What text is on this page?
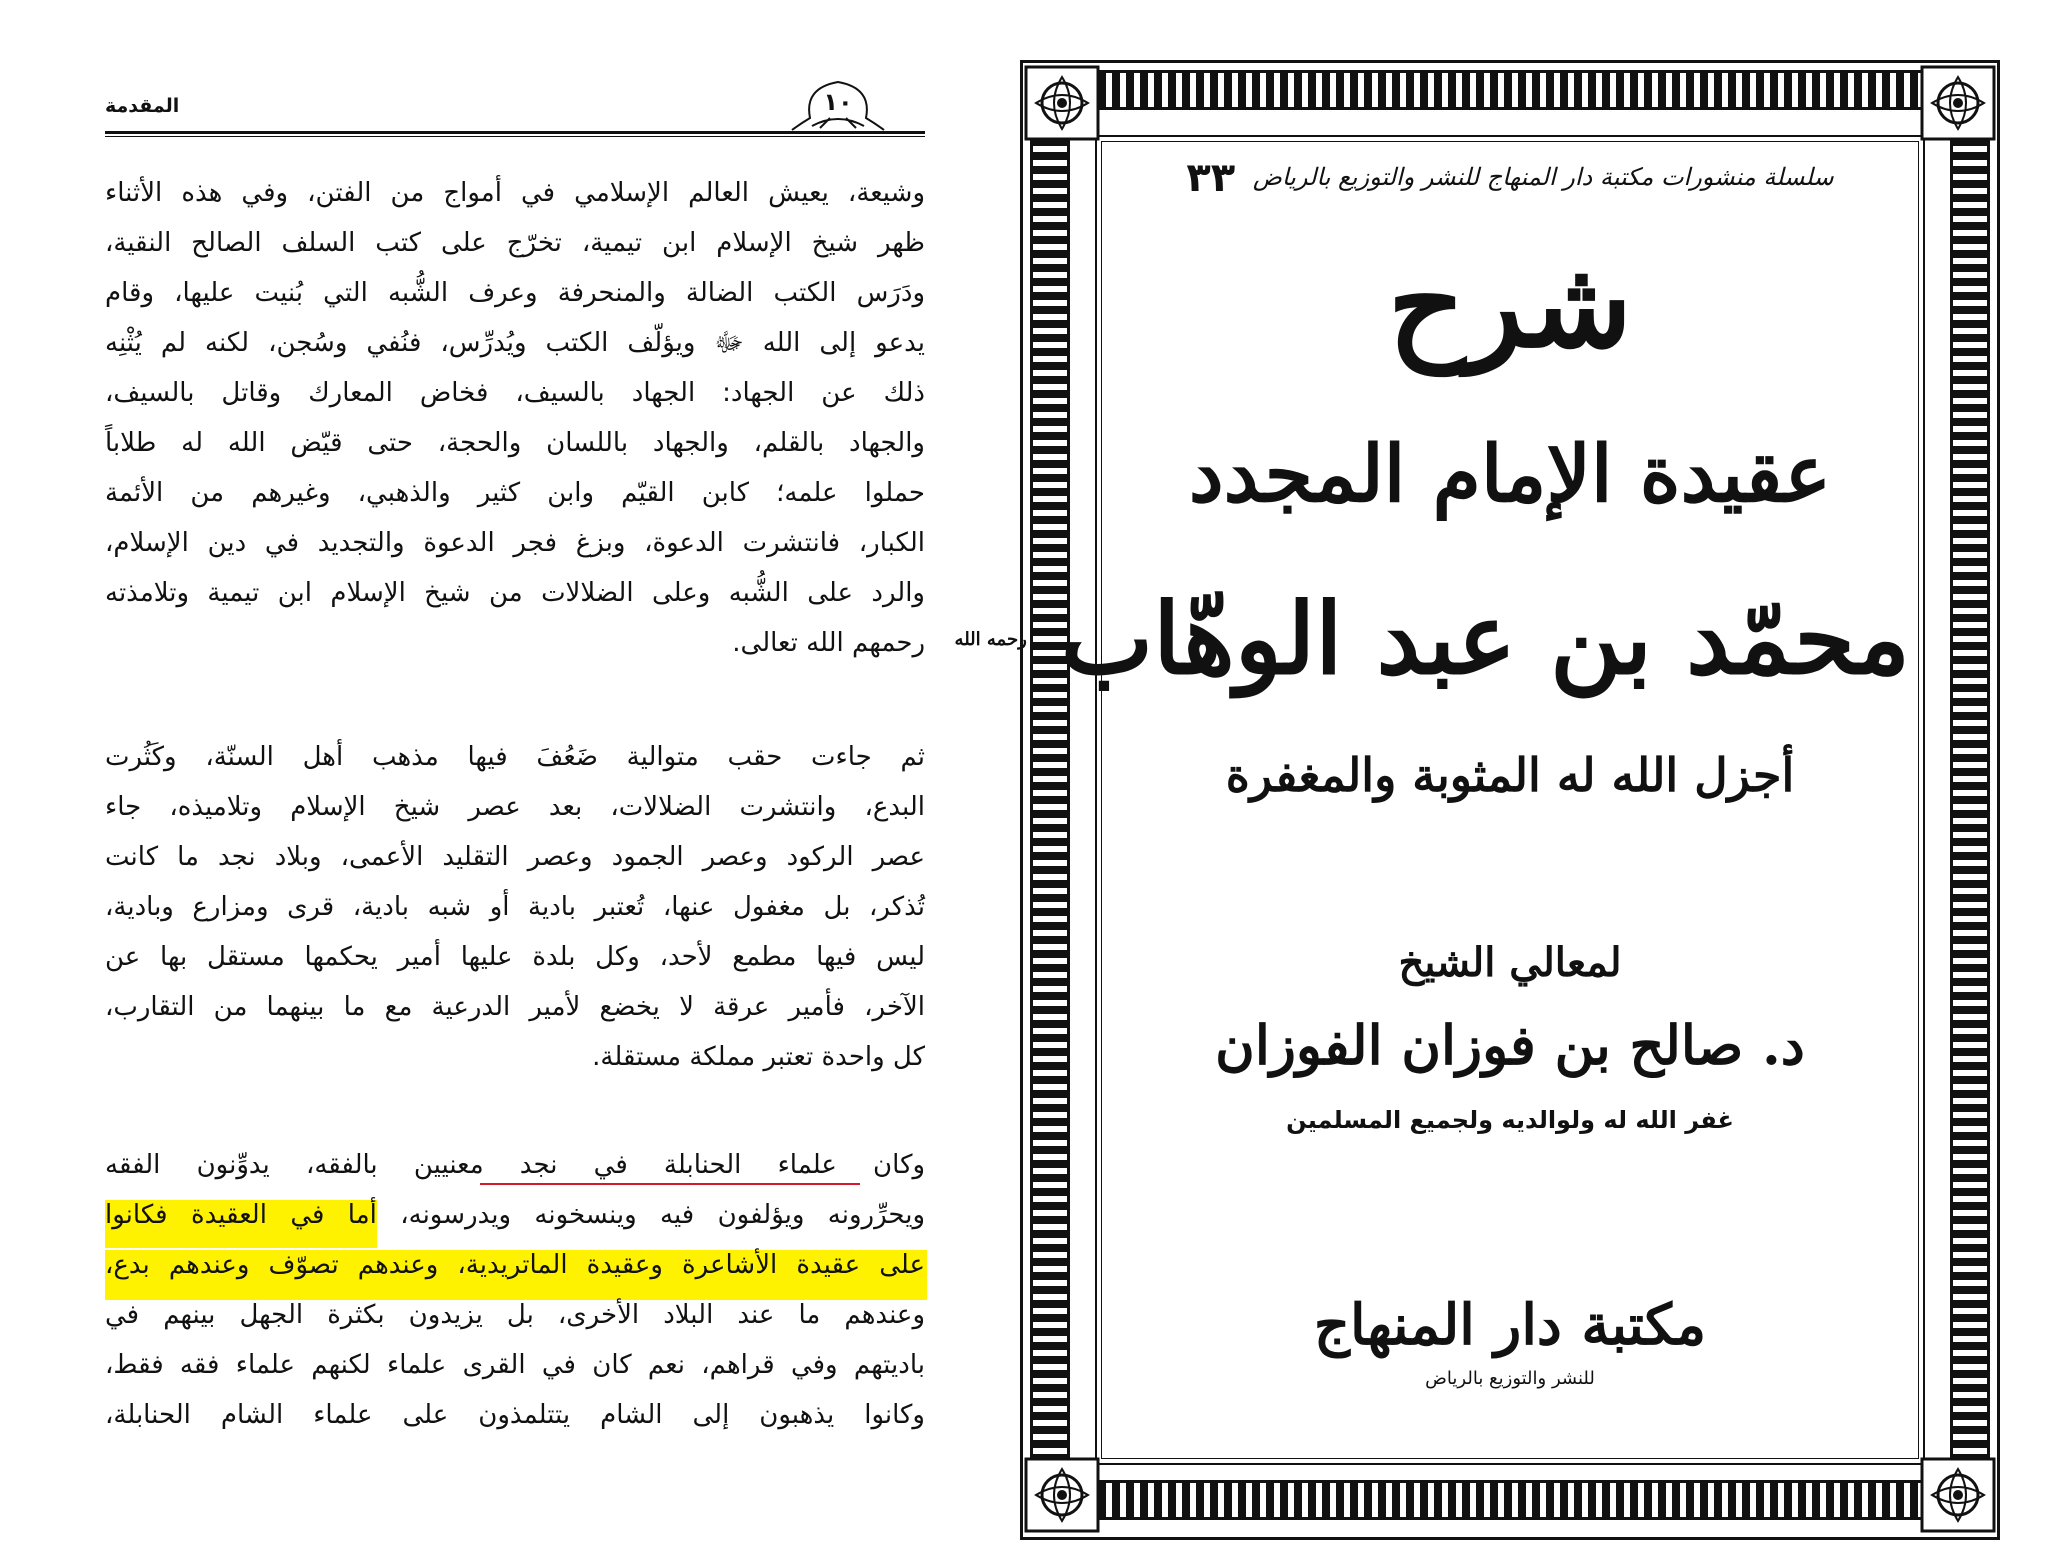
المقدمة	١٠
وشيعة، يعيش العالم الإسلامي في أمواج من الفتن، وفي هذه الأثناء
ظهر شيخ الإسلام ابن تيمية، تخرّج على كتب السلف الصالح النقية،
ودَرَس الكتب الضالة والمنحرفة وعرف الشُّبه التي بُنيت عليها، وقام
يدعو إلى الله ﷻ ويؤلّف الكتب ويُدرِّس، فنُفي وسُجن، لكنه لم يُثْنِه
ذلك عن الجهاد: الجهاد بالسيف، فخاض المعارك وقاتل بالسيف،
والجهاد بالقلم، والجهاد باللسان والحجة، حتى قيّض الله له طلاباً
حملوا علمه؛ كابن القيّم وابن كثير والذهبي، وغيرهم من الأئمة
الكبار، فانتشرت الدعوة، وبزغ فجر الدعوة والتجديد في دين الإسلام،
والرد على الشُّبه وعلى الضلالات من شيخ الإسلام ابن تيمية وتلامذته
رحمهم الله تعالى.
ثم جاءت حقب متوالية ضَعُفَ فيها مذهب أهل السنّة، وكَثُرت
البدع، وانتشرت الضلالات، بعد عصر شيخ الإسلام وتلاميذه، جاء
عصر الركود وعصر الجمود وعصر التقليد الأعمى، وبلاد نجد ما كانت
تُذكر، بل مغفول عنها، تُعتبر بادية أو شبه بادية، قرى ومزارع وبادية،
ليس فيها مطمع لأحد، وكل بلدة عليها أمير يحكمها مستقل بها عن
الآخر، فأمير عرقة لا يخضع لأمير الدرعية مع ما بينهما من التقارب،
كل واحدة تعتبر مملكة مستقلة.
وكان علماء الحنابلة في نجد معنيين بالفقه، يدوِّنون الفقه
ويحرِّرونه ويؤلفون فيه وينسخونه ويدرسونه، أما في العقيدة فكانوا
على عقيدة الأشاعرة وعقيدة الماتريدية، وعندهم تصوّف وعندهم بدع،
وعندهم ما عند البلاد الأخرى، بل يزيدون بكثرة الجهل بينهم في
باديتهم وفي قراهم، نعم كان في القرى علماء لكنهم علماء فقه فقط،
وكانوا يذهبون إلى الشام يتتلمذون على علماء الشام الحنابلة،
سلسلة منشورات مكتبة دار المنهاج للنشر والتوزيع بالرياض ٣٣
شرح
عقيدة الإمام المجدد
محمّد بن عبد الوهّاب رحمه الله
أجزل الله له المثوبة والمغفرة
لمعالي الشيخ
د. صالح بن فوزان الفوزان
غفر الله له ولوالديه ولجميع المسلمين
مكتبة دار المنهاج
للنشر والتوزيع بالرياض
